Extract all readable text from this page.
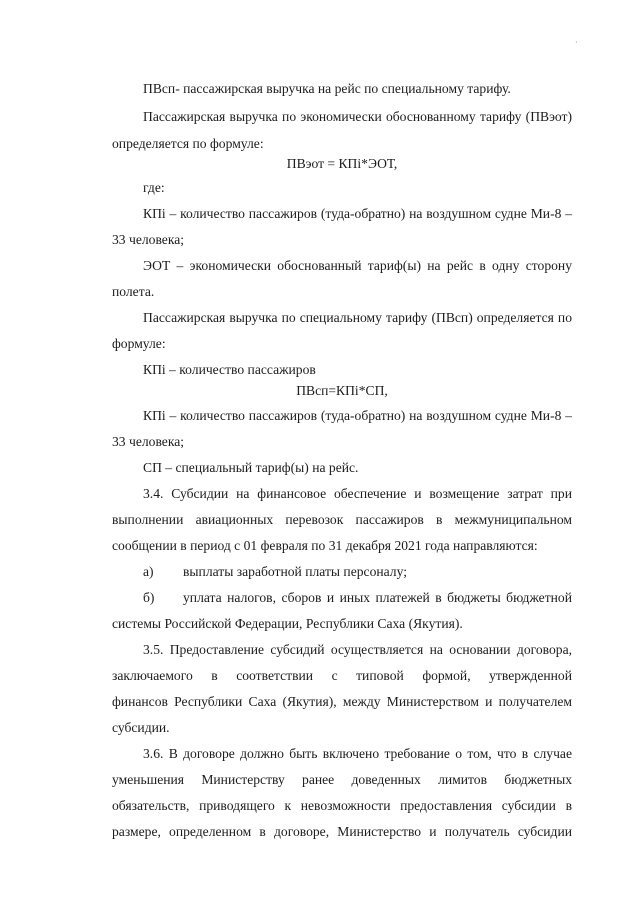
·
ПВсп- пассажирская выручка на рейс по специальному тарифу.
Пассажирская выручка по экономически обоснованному тарифу (ПВэот)
определяется по формуле:
ПВэот = КПi*ЭОТ,
где:
КПi – количество пассажиров (туда-обратно) на воздушном судне Ми-8 –
33 человека;
ЭОТ – экономически обоснованный тариф(ы) на рейс в одну сторону
полета.
Пассажирская выручка по специальному тарифу (ПВсп) определяется по
формуле:
КПi – количество пассажиров
ПВсп=КПi*СП,
КПi – количество пассажиров (туда-обратно) на воздушном судне Ми-8 –
33 человека;
СП – специальный тариф(ы) на рейс.
3.4. Субсидии на финансовое обеспечение и возмещение затрат при
выполнении авиационных перевозок пассажиров в межмуниципальном
сообщении в период с 01 февраля по 31 декабря 2021 года направляются:
а) выплаты заработной платы персоналу;
б) уплата налогов, сборов и иных платежей в бюджеты бюджетной
системы Российской Федерации, Республики Саха (Якутия).
3.5. Предоставление субсидий осуществляется на основании договора,
заключаемого в соответствии с типовой формой, утвержденной
финансов Республики Саха (Якутия), между Министерством и получателем
субсидии.
3.6. В договоре должно быть включено требование о том, что в случае
уменьшения Министерству ранее доведенных лимитов бюджетных
обязательств, приводящего к невозможности предоставления субсидии в
размере, определенном в договоре, Министерство и получатель субсидии
